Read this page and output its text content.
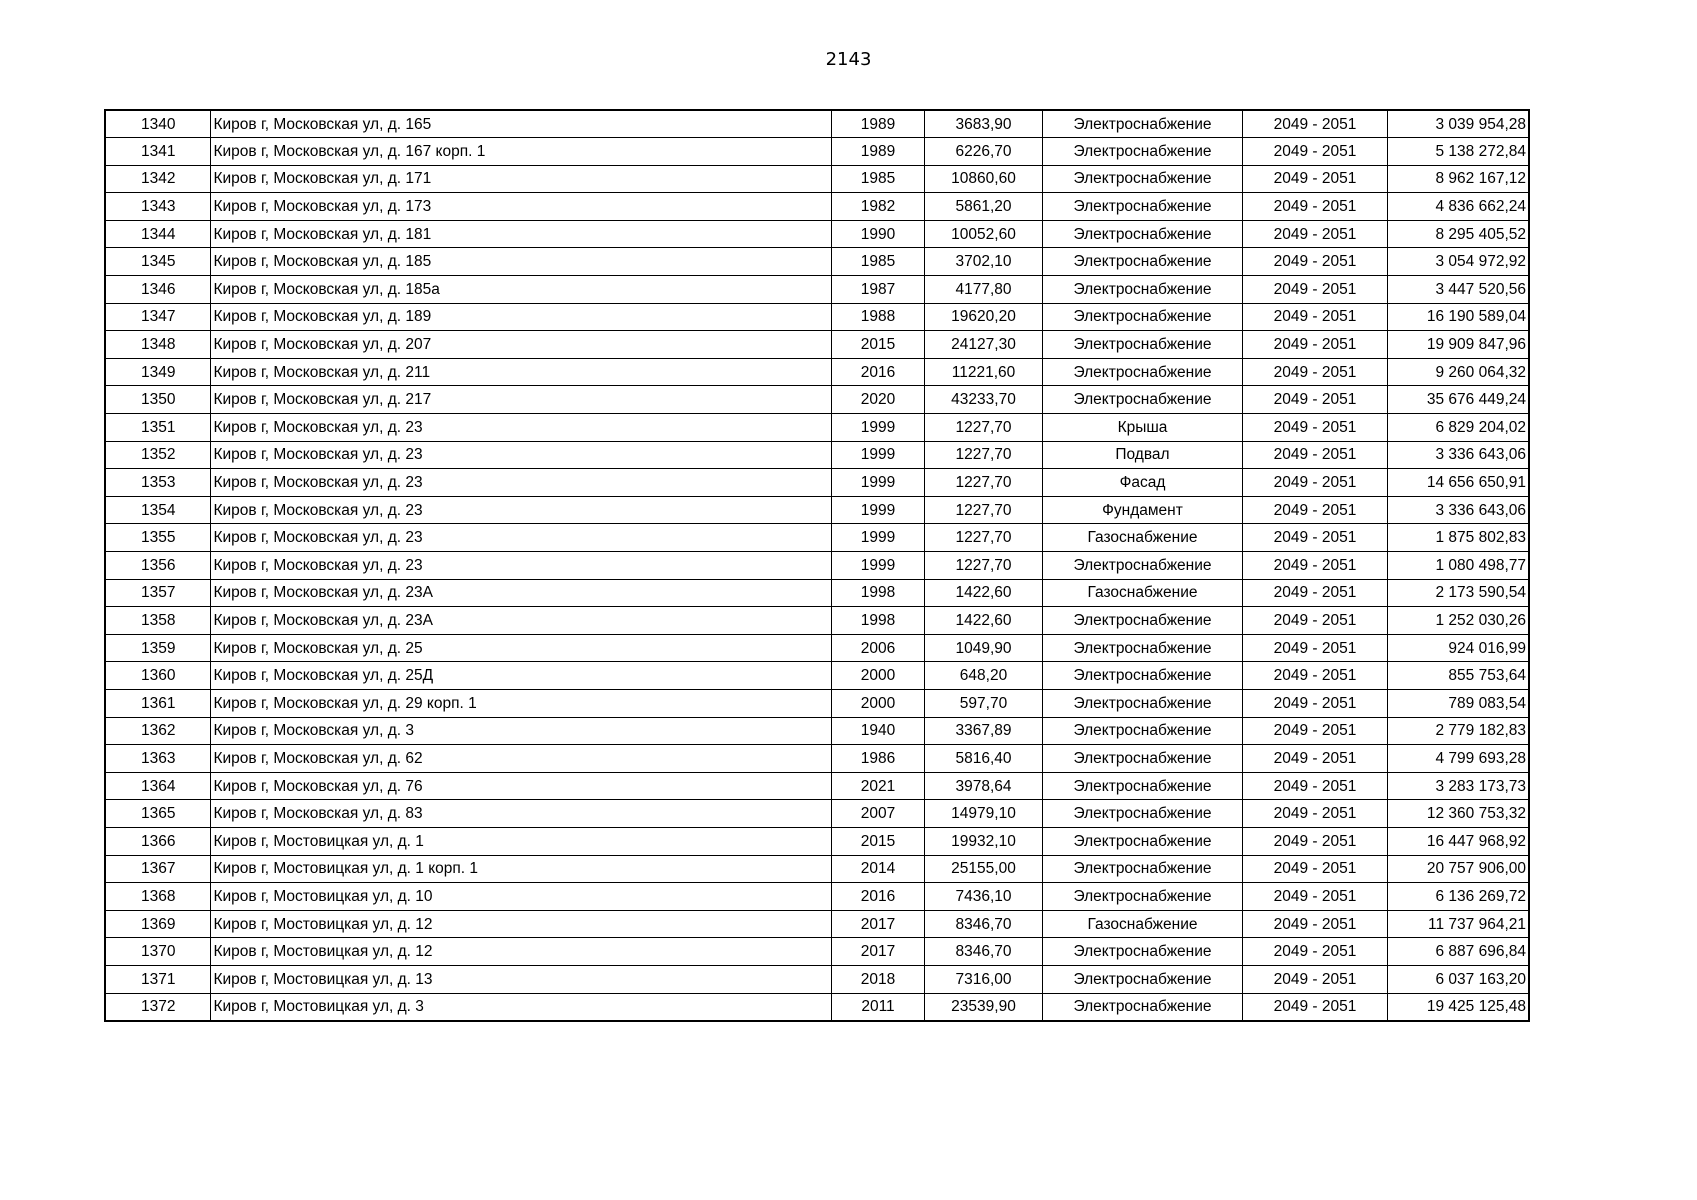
2143
1340	Киров г, Московская ул, д. 165	1989	3683,90	Электроснабжение	2049 - 2051	3 039 954,28
1341	Киров г, Московская ул, д. 167 корп. 1	1989	6226,70	Электроснабжение	2049 - 2051	5 138 272,84
1342	Киров г, Московская ул, д. 171	1985	10860,60	Электроснабжение	2049 - 2051	8 962 167,12
1343	Киров г, Московская ул, д. 173	1982	5861,20	Электроснабжение	2049 - 2051	4 836 662,24
1344	Киров г, Московская ул, д. 181	1990	10052,60	Электроснабжение	2049 - 2051	8 295 405,52
1345	Киров г, Московская ул, д. 185	1985	3702,10	Электроснабжение	2049 - 2051	3 054 972,92
1346	Киров г, Московская ул, д. 185а	1987	4177,80	Электроснабжение	2049 - 2051	3 447 520,56
1347	Киров г, Московская ул, д. 189	1988	19620,20	Электроснабжение	2049 - 2051	16 190 589,04
1348	Киров г, Московская ул, д. 207	2015	24127,30	Электроснабжение	2049 - 2051	19 909 847,96
1349	Киров г, Московская ул, д. 211	2016	11221,60	Электроснабжение	2049 - 2051	9 260 064,32
1350	Киров г, Московская ул, д. 217	2020	43233,70	Электроснабжение	2049 - 2051	35 676 449,24
1351	Киров г, Московская ул, д. 23	1999	1227,70	Крыша	2049 - 2051	6 829 204,02
1352	Киров г, Московская ул, д. 23	1999	1227,70	Подвал	2049 - 2051	3 336 643,06
1353	Киров г, Московская ул, д. 23	1999	1227,70	Фасад	2049 - 2051	14 656 650,91
1354	Киров г, Московская ул, д. 23	1999	1227,70	Фундамент	2049 - 2051	3 336 643,06
1355	Киров г, Московская ул, д. 23	1999	1227,70	Газоснабжение	2049 - 2051	1 875 802,83
1356	Киров г, Московская ул, д. 23	1999	1227,70	Электроснабжение	2049 - 2051	1 080 498,77
1357	Киров г, Московская ул, д. 23А	1998	1422,60	Газоснабжение	2049 - 2051	2 173 590,54
1358	Киров г, Московская ул, д. 23А	1998	1422,60	Электроснабжение	2049 - 2051	1 252 030,26
1359	Киров г, Московская ул, д. 25	2006	1049,90	Электроснабжение	2049 - 2051	924 016,99
1360	Киров г, Московская ул, д. 25Д	2000	648,20	Электроснабжение	2049 - 2051	855 753,64
1361	Киров г, Московская ул, д. 29 корп. 1	2000	597,70	Электроснабжение	2049 - 2051	789 083,54
1362	Киров г, Московская ул, д. 3	1940	3367,89	Электроснабжение	2049 - 2051	2 779 182,83
1363	Киров г, Московская ул, д. 62	1986	5816,40	Электроснабжение	2049 - 2051	4 799 693,28
1364	Киров г, Московская ул, д. 76	2021	3978,64	Электроснабжение	2049 - 2051	3 283 173,73
1365	Киров г, Московская ул, д. 83	2007	14979,10	Электроснабжение	2049 - 2051	12 360 753,32
1366	Киров г, Мостовицкая ул, д. 1	2015	19932,10	Электроснабжение	2049 - 2051	16 447 968,92
1367	Киров г, Мостовицкая ул, д. 1 корп. 1	2014	25155,00	Электроснабжение	2049 - 2051	20 757 906,00
1368	Киров г, Мостовицкая ул, д. 10	2016	7436,10	Электроснабжение	2049 - 2051	6 136 269,72
1369	Киров г, Мостовицкая ул, д. 12	2017	8346,70	Газоснабжение	2049 - 2051	11 737 964,21
1370	Киров г, Мостовицкая ул, д. 12	2017	8346,70	Электроснабжение	2049 - 2051	6 887 696,84
1371	Киров г, Мостовицкая ул, д. 13	2018	7316,00	Электроснабжение	2049 - 2051	6 037 163,20
1372	Киров г, Мостовицкая ул, д. 3	2011	23539,90	Электроснабжение	2049 - 2051	19 425 125,48
